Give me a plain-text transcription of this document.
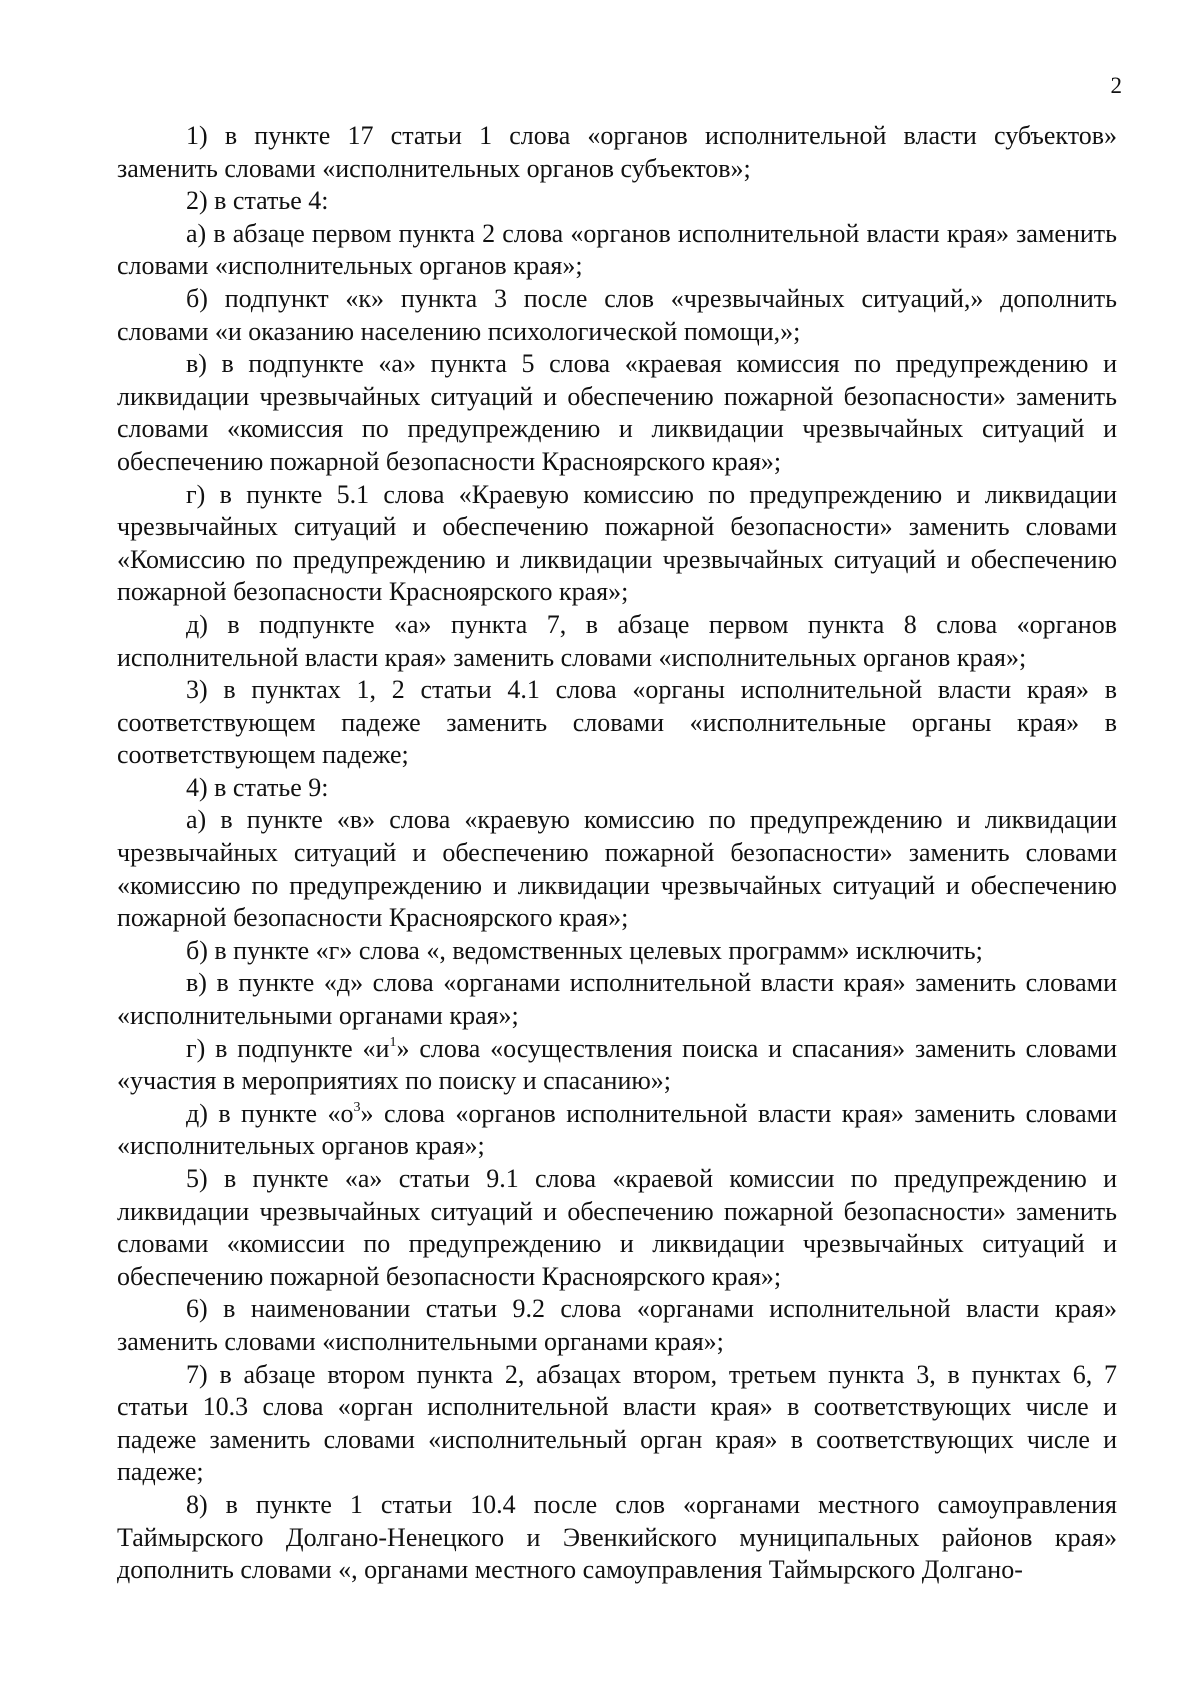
2

1) в пункте 17 статьи 1 слова «органов исполнительной власти субъектов» заменить словами «исполнительных органов субъектов»;

2) в статье 4:

а) в абзаце первом пункта 2 слова «органов исполнительной власти края» заменить словами «исполнительных органов края»;

б) подпункт «к» пункта 3 после слов «чрезвычайных ситуаций,» дополнить словами «и оказанию населению психологической помощи,»;

в) в подпункте «а» пункта 5 слова «краевая комиссия по предупреждению и ликвидации чрезвычайных ситуаций и обеспечению пожарной безопасности» заменить словами «комиссия по предупреждению и ликвидации чрезвычайных ситуаций и обеспечению пожарной безопасности Красноярского края»;

г) в пункте 5.1 слова «Краевую комиссию по предупреждению и ликвидации чрезвычайных ситуаций и обеспечению пожарной безопасности» заменить словами «Комиссию по предупреждению и ликвидации чрезвычайных ситуаций и обеспечению пожарной безопасности Красноярского края»;

д) в подпункте «а» пункта 7, в абзаце первом пункта 8 слова «органов исполнительной власти края» заменить словами «исполнительных органов края»;

3) в пунктах 1, 2 статьи 4.1 слова «органы исполнительной власти края» в соответствующем падеже заменить словами «исполнительные органы края» в соответствующем падеже;

4) в статье 9:

а) в пункте «в» слова «краевую комиссию по предупреждению и ликвидации чрезвычайных ситуаций и обеспечению пожарной безопасности» заменить словами «комиссию по предупреждению и ликвидации чрезвычайных ситуаций и обеспечению пожарной безопасности Красноярского края»;

б) в пункте «г» слова «, ведомственных целевых программ» исключить;

в) в пункте «д» слова «органами исполнительной власти края» заменить словами «исполнительными органами края»;

г) в подпункте «$и^1$» слова «осуществления поиска и спасания» заменить словами «участия в мероприятиях по поиску и спасанию»;

д) в пункте «$о^3$» слова «органов исполнительной власти края» заменить словами «исполнительных органов края»;

5) в пункте «а» статьи 9.1 слова «краевой комиссии по предупреждению и ликвидации чрезвычайных ситуаций и обеспечению пожарной безопасности» заменить словами «комиссии по предупреждению и ликвидации чрезвычайных ситуаций и обеспечению пожарной безопасности Красноярского края»;

6) в наименовании статьи 9.2 слова «органами исполнительной власти края» заменить словами «исполнительными органами края»;

7) в абзаце втором пункта 2, абзацах втором, третьем пункта 3, в пунктах 6, 7 статьи 10.3 слова «орган исполнительной власти края» в соответствующих числе и падеже заменить словами «исполнительный орган края» в соответствующих числе и падеже;

8) в пункте 1 статьи 10.4 после слов «органами местного самоуправления Таймырского Долгано-Ненецкого и Эвенкийского муниципальных районов края» дополнить словами «, органами местного самоуправления Таймырского Долгано-
